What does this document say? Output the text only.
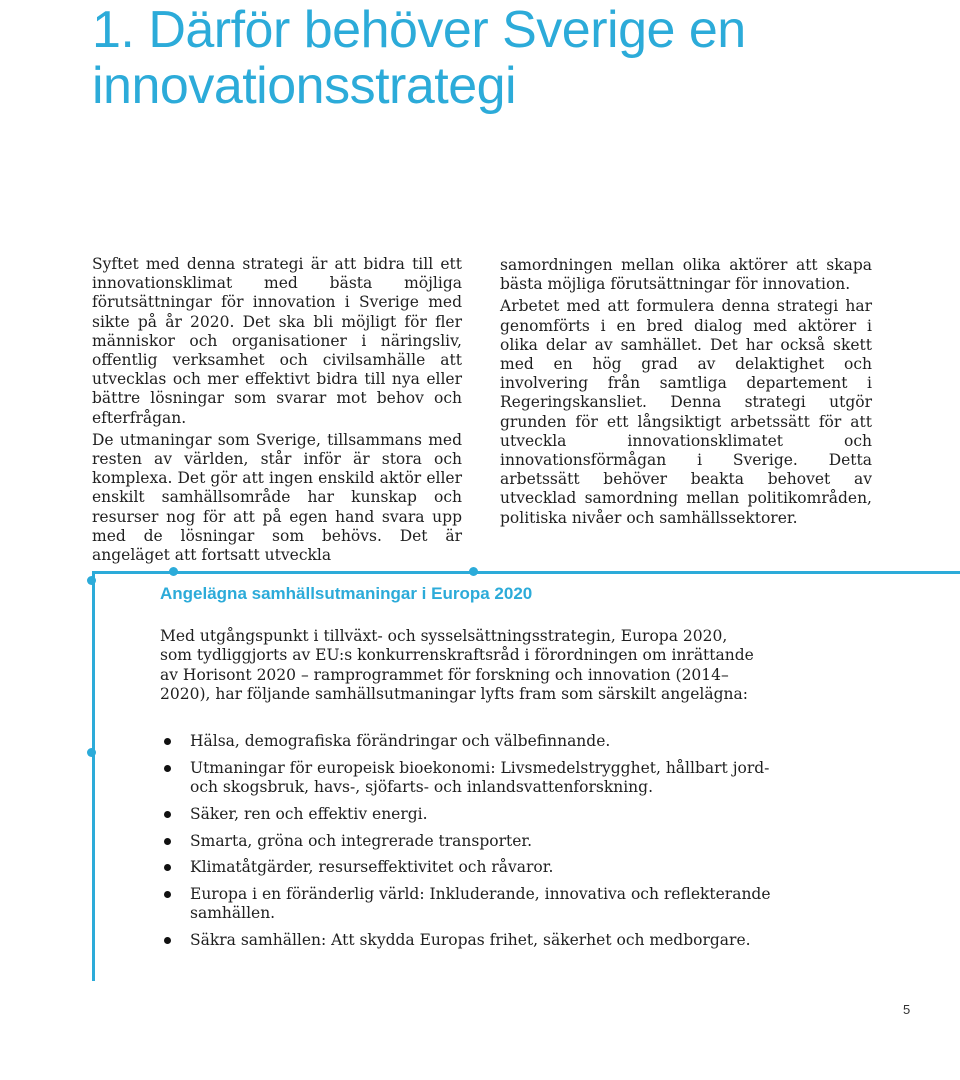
1. Därför behöver Sverige en
innovationsstrategi

Syftet med denna strategi är att bidra till ett innovationsklimat med bästa möjliga förutsättningar för innovation i Sverige med sikte på år 2020. Det ska bli möjligt för fler människor och organisationer i näringsliv, offentlig verksamhet och civilsamhälle att utvecklas och mer effektivt bidra till nya eller bättre lösningar som svarar mot behov och efterfrågan.

De utmaningar som Sverige, tillsammans med resten av världen, står inför är stora och komplexa. Det gör att ingen enskild aktör eller enskilt samhällsområde har kunskap och resurser nog för att på egen hand svara upp med de lösningar som behövs. Det är angeläget att fortsatt utveckla

samordningen mellan olika aktörer att skapa bästa möjliga förutsättningar för innovation.

Arbetet med att formulera denna strategi har genomförts i en bred dialog med aktörer i olika delar av samhället. Det har också skett med en hög grad av delaktighet och involvering från samtliga departement i Regeringskansliet. Denna strategi utgör grunden för ett långsiktigt arbetssätt för att utveckla innovationsklimatet och innovationsförmågan i Sverige. Detta arbetssätt behöver beakta behovet av utvecklad samordning mellan politikområden, politiska nivåer och samhällssektorer.

Angelägna samhällsutmaningar i Europa 2020

Med utgångspunkt i tillväxt- och sysselsättningsstrategin, Europa 2020, som tydliggjorts av EU:s konkurrenskraftsråd i förordningen om inrättande av Horisont 2020 – ramprogrammet för forskning och innovation (2014–2020), har följande samhällsutmaningar lyfts fram som särskilt angelägna:

Hälsa, demografiska förändringar och välbefinnande.
Utmaningar för europeisk bioekonomi: Livsmedelstrygghet, hållbart jord- och skogsbruk, havs-, sjöfarts- och inlandsvattenforskning.
Säker, ren och effektiv energi.
Smarta, gröna och integrerade transporter.
Klimatåtgärder, resurseffektivitet och råvaror.
Europa i en föränderlig värld: Inkluderande, innovativa och reflekterande samhällen.
Säkra samhällen: Att skydda Europas frihet, säkerhet och medborgare.
5
